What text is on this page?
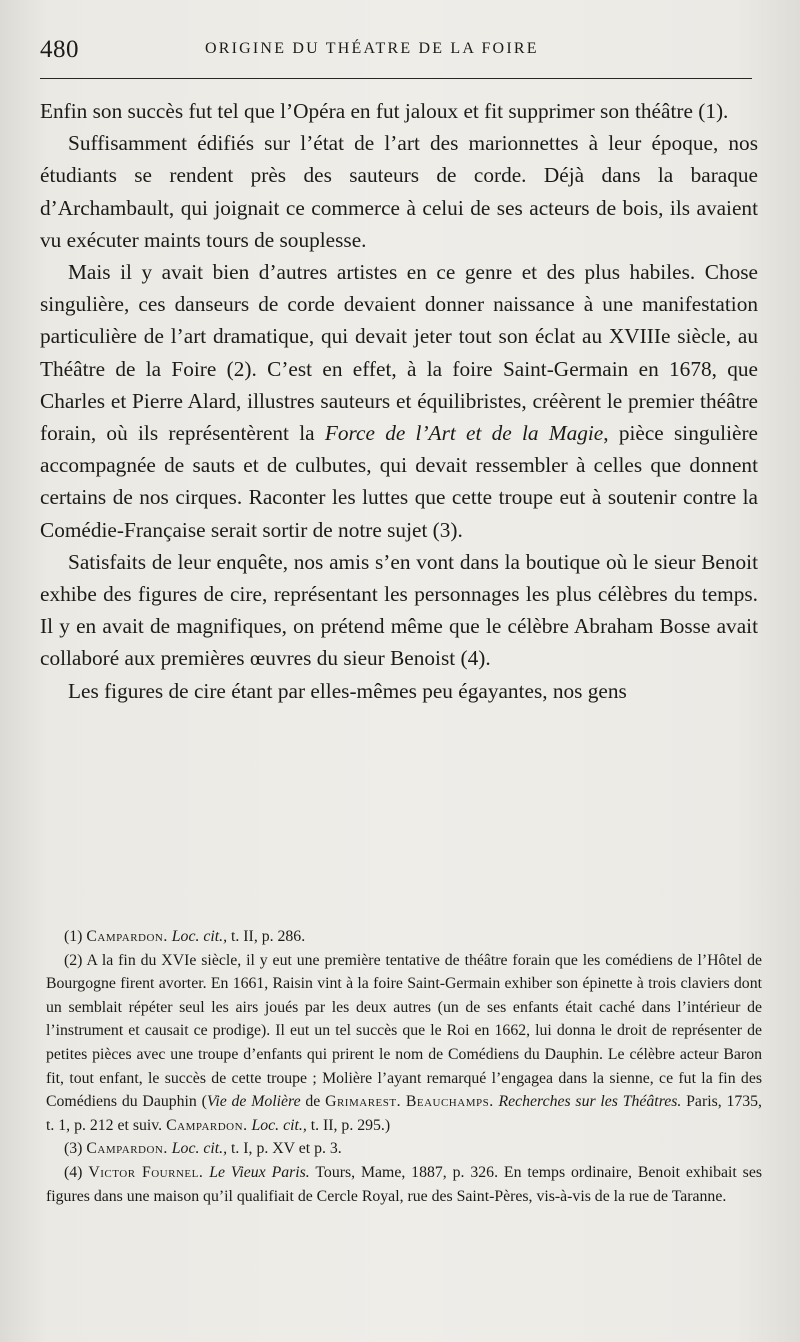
480	ORIGINE DU THÉATRE DE LA FOIRE

Enfin son succès fut tel que l’Opéra en fut jaloux et fit supprimer son théâtre (1).

Suffisamment édifiés sur l’état de l’art des marionnettes à leur époque, nos étudiants se rendent près des sauteurs de corde. Déjà dans la baraque d’Archambault, qui joignait ce commerce à celui de ses acteurs de bois, ils avaient vu exécuter maints tours de souplesse.

Mais il y avait bien d’autres artistes en ce genre et des plus habiles. Chose singulière, ces danseurs de corde devaient donner naissance à une manifestation particulière de l’art dramatique, qui devait jeter tout son éclat au XVIIIe siècle, au Théâtre de la Foire (2). C’est en effet, à la foire Saint-Germain en 1678, que Charles et Pierre Alard, illustres sauteurs et équilibristes, créèrent le premier théâtre forain, où ils représentèrent la Force de l’Art et de la Magie, pièce singulière accompagnée de sauts et de culbutes, qui devait ressembler à celles que donnent certains de nos cirques. Raconter les luttes que cette troupe eut à soutenir contre la Comédie-Française serait sortir de notre sujet (3).

Satisfaits de leur enquête, nos amis s’en vont dans la boutique où le sieur Benoit exhibe des figures de cire, représentant les personnages les plus célèbres du temps. Il y en avait de magnifiques, on prétend même que le célèbre Abraham Bosse avait collaboré aux premières œuvres du sieur Benoist (4).

Les figures de cire étant par elles-mêmes peu égayantes, nos gens

(1) Campardon. Loc. cit., t. II, p. 286.

(2) A la fin du XVIe siècle, il y eut une première tentative de théâtre forain que les comédiens de l’Hôtel de Bourgogne firent avorter. En 1661, Raisin vint à la foire Saint-Germain exhiber son épinette à trois claviers dont un semblait répéter seul les airs joués par les deux autres (un de ses enfants était caché dans l’intérieur de l’instrument et causait ce prodige). Il eut un tel succès que le Roi en 1662, lui donna le droit de représenter de petites pièces avec une troupe d’enfants qui prirent le nom de Comédiens du Dauphin. Le célèbre acteur Baron fit, tout enfant, le succès de cette troupe ; Molière l’ayant remarqué l’engagea dans la sienne, ce fut la fin des Comédiens du Dauphin (Vie de Molière de Grimarest. Beauchamps. Recherches sur les Théâtres. Paris, 1735, t. 1, p. 212 et suiv. Campardon. Loc. cit., t. II, p. 295.)

(3) Campardon. Loc. cit., t. I, p. XV et p. 3.

(4) Victor Fournel. Le Vieux Paris. Tours, Mame, 1887, p. 326. En temps ordinaire, Benoit exhibait ses figures dans une maison qu’il qualifiait de Cercle Royal, rue des Saint-Pères, vis-à-vis de la rue de Taranne.
